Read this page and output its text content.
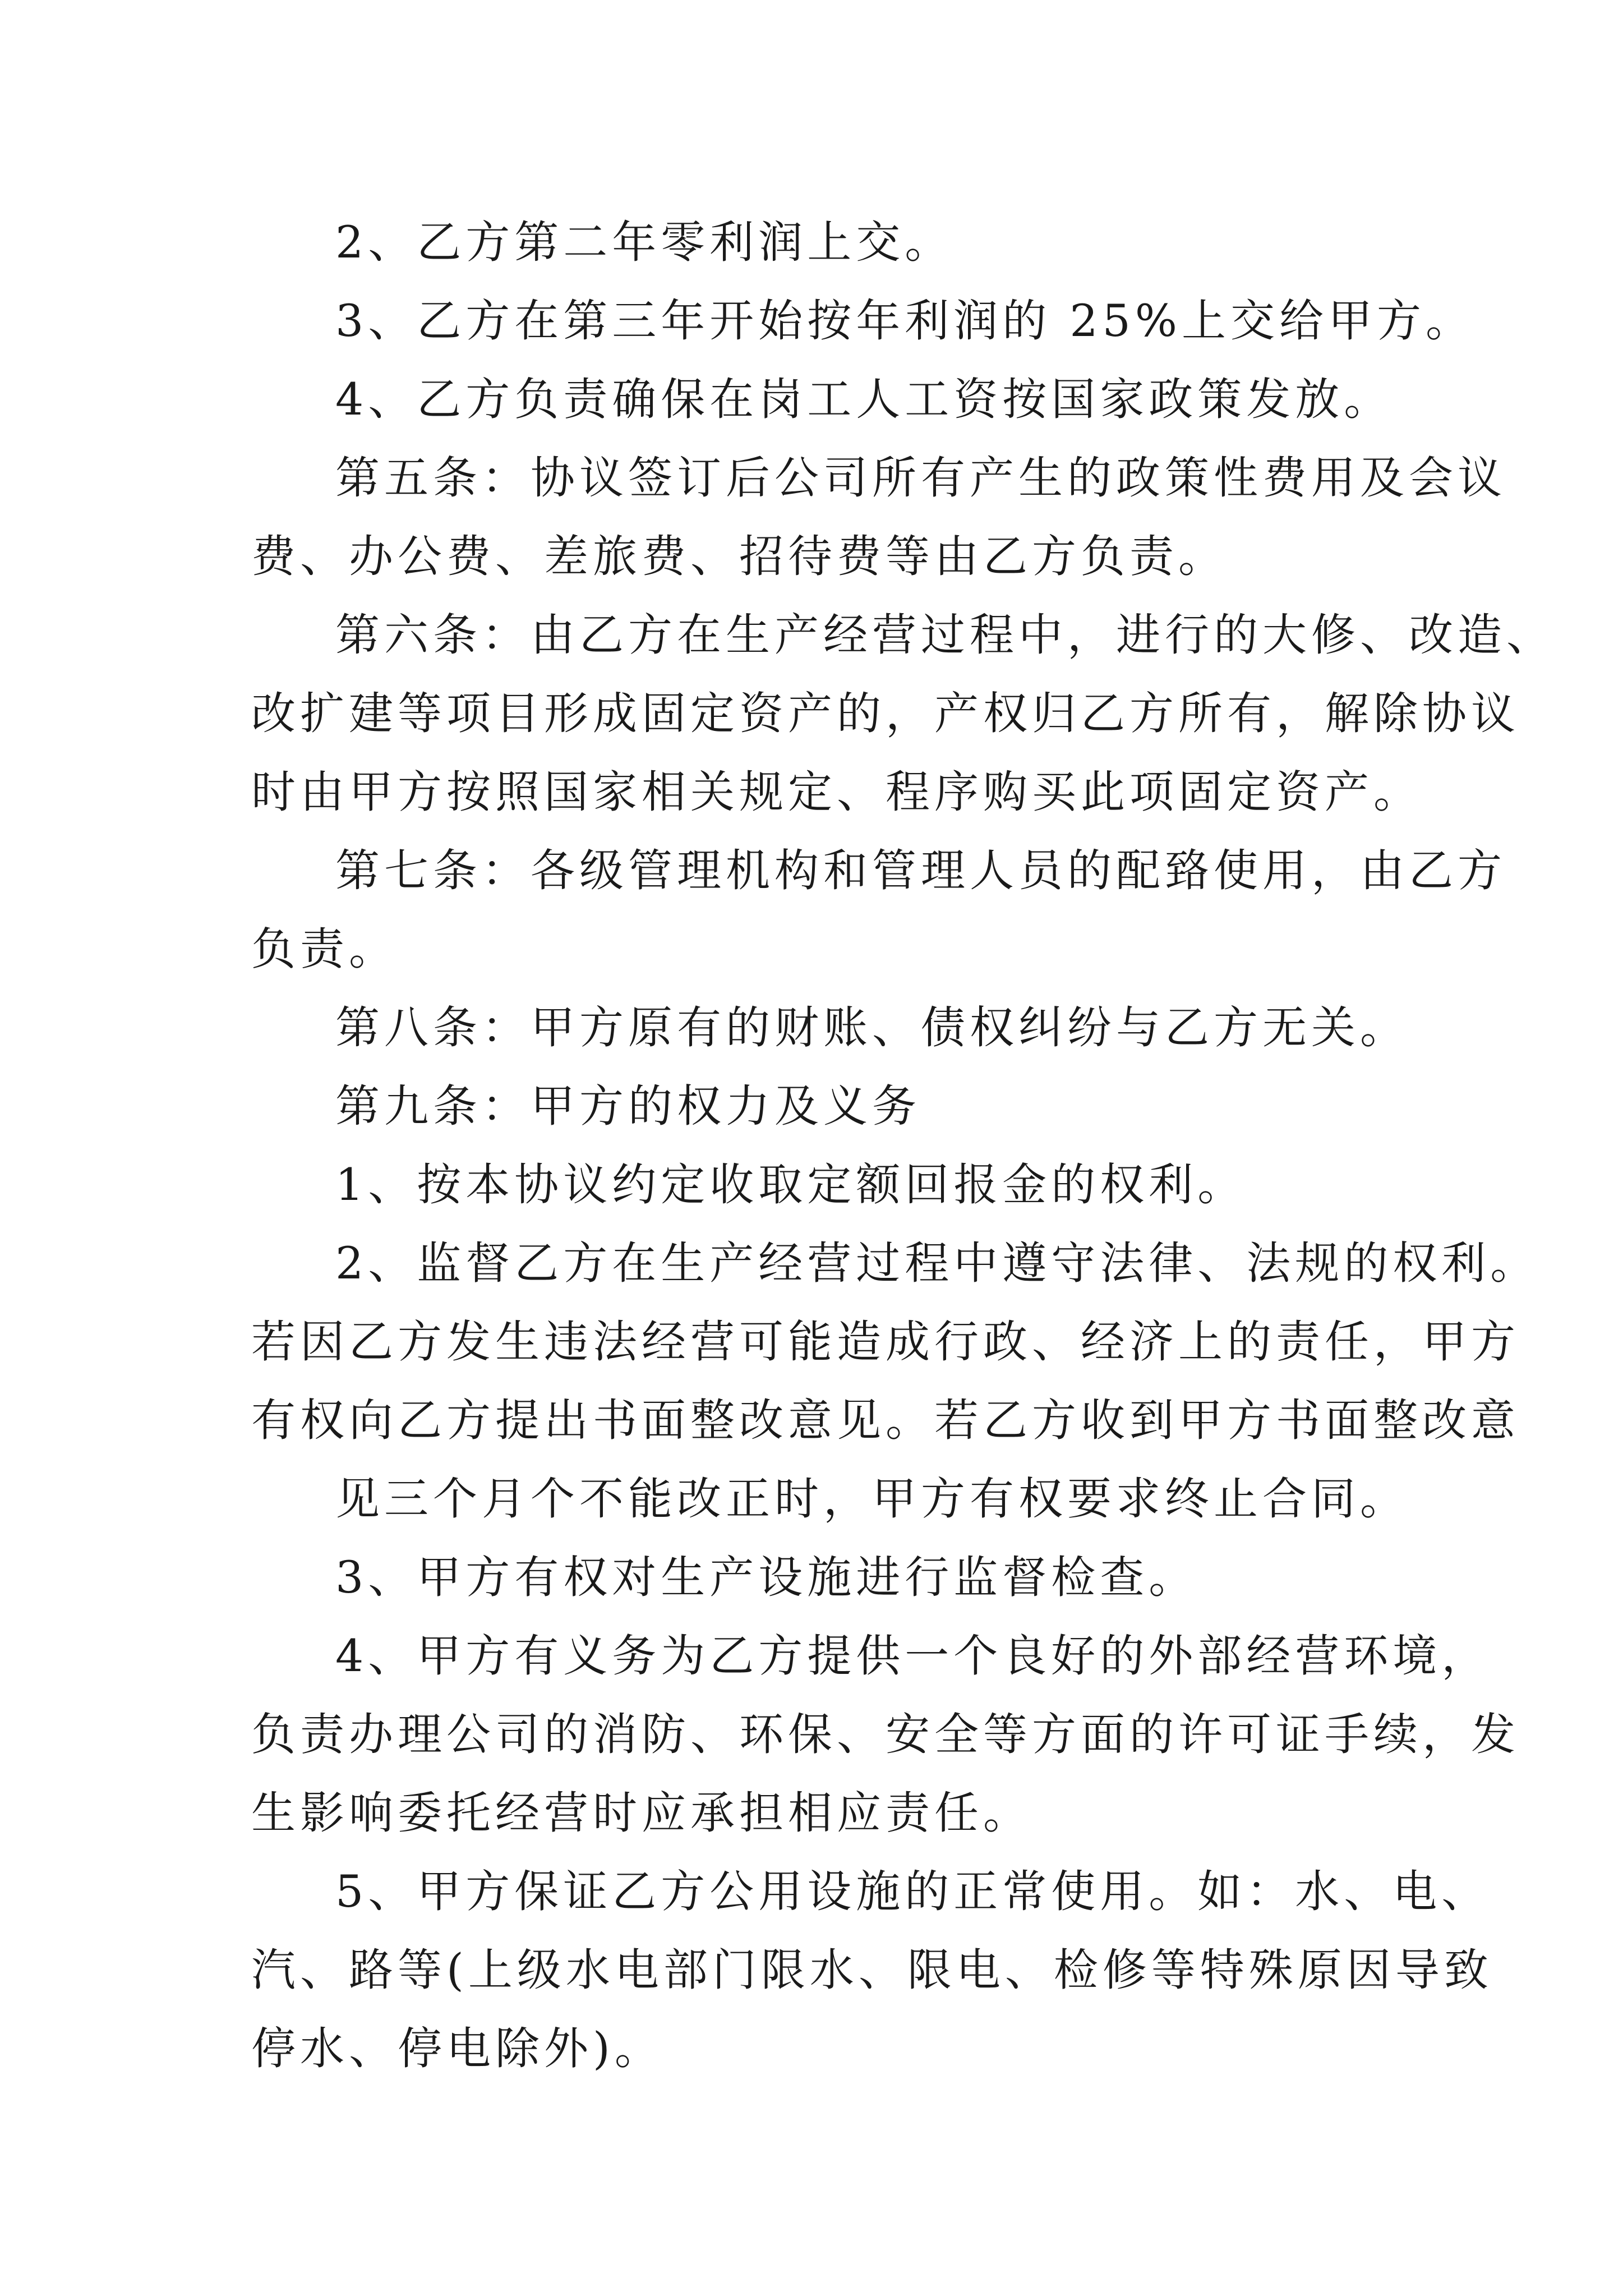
2、乙方第二年零利润上交。
3、乙方在第三年开始按年利润的 25%上交给甲方。
4、乙方负责确保在岗工人工资按国家政策发放。
第五条：协议签订后公司所有产生的政策性费用及会议
费、办公费、差旅费、招待费等由乙方负责。
第六条：由乙方在生产经营过程中，进行的大修、改造、
改扩建等项目形成固定资产的，产权归乙方所有，解除协议
时由甲方按照国家相关规定、程序购买此项固定资产。
第七条：各级管理机构和管理人员的配臵使用，由乙方
负责。
第八条：甲方原有的财账、债权纠纷与乙方无关。
第九条：甲方的权力及义务
1、按本协议约定收取定额回报金的权利。
2、监督乙方在生产经营过程中遵守法律、法规的权利。
若因乙方发生违法经营可能造成行政、经济上的责任，甲方
有权向乙方提出书面整改意见。若乙方收到甲方书面整改意
见三个月个不能改正时，甲方有权要求终止合同。
3、甲方有权对生产设施进行监督检查。
4、甲方有义务为乙方提供一个良好的外部经营环境，
负责办理公司的消防、环保、安全等方面的许可证手续，发
生影响委托经营时应承担相应责任。
5、甲方保证乙方公用设施的正常使用。如：水、电、
汽、路等(上级水电部门限水、限电、检修等特殊原因导致
停水、停电除外)。
